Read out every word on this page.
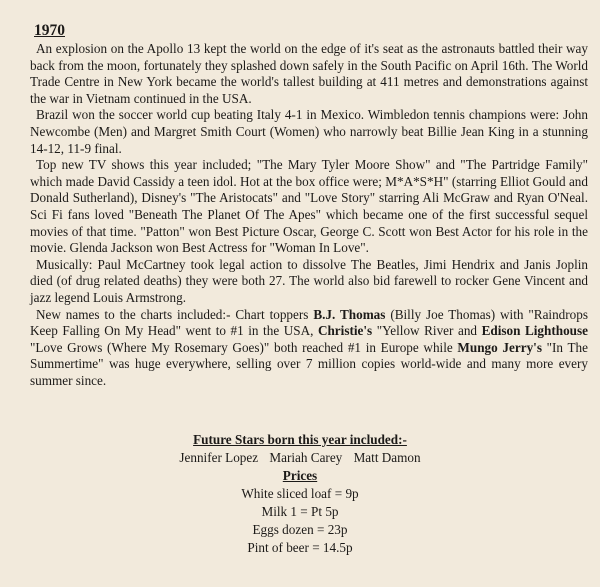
1970

An explosion on the Apollo 13 kept the world on the edge of it's seat as the astronauts battled their way back from the moon, fortunately they splashed down safely in the South Pacific on April 16th. The World Trade Centre in New York became the world's tallest building at 411 metres and demonstrations against the war in Vietnam continued in the USA.

Brazil won the soccer world cup beating Italy 4-1 in Mexico. Wimbledon tennis champions were: John Newcombe (Men) and Margret Smith Court (Women) who narrowly beat Billie Jean King in a stunning 14-12, 11-9 final.

Top new TV shows this year included; "The Mary Tyler Moore Show" and "The Partridge Family" which made David Cassidy a teen idol. Hot at the box office were; M*A*S*H" (starring Elliot Gould and Donald Sutherland), Disney's "The Aristocats" and "Love Story" starring Ali McGraw and Ryan O'Neal. Sci Fi fans loved "Beneath The Planet Of The Apes" which became one of the first successful sequel movies of that time. "Patton" won Best Picture Oscar, George C. Scott won Best Actor for his role in the movie. Glenda Jackson won Best Actress for "Woman In Love".

Musically: Paul McCartney took legal action to dissolve The Beatles, Jimi Hendrix and Janis Joplin died (of drug related deaths) they were both 27. The world also bid farewell to rocker Gene Vincent and jazz legend Louis Armstrong.

New names to the charts included:- Chart toppers B.J. Thomas (Billy Joe Thomas) with "Raindrops Keep Falling On My Head" went to #1 in the USA, Christie's "Yellow River and Edison Lighthouse "Love Grows (Where My Rosemary Goes)" both reached #1 in Europe while Mungo Jerry's "In The Summertime" was huge everywhere, selling over 7 million copies world-wide and many more every summer since.

Future Stars born this year included:-
Jennifer Lopez Mariah Carey Matt Damon
Prices
White sliced loaf = 9p
Milk 1 = Pt 5p
Eggs dozen = 23p
Pint of beer = 14.5p
